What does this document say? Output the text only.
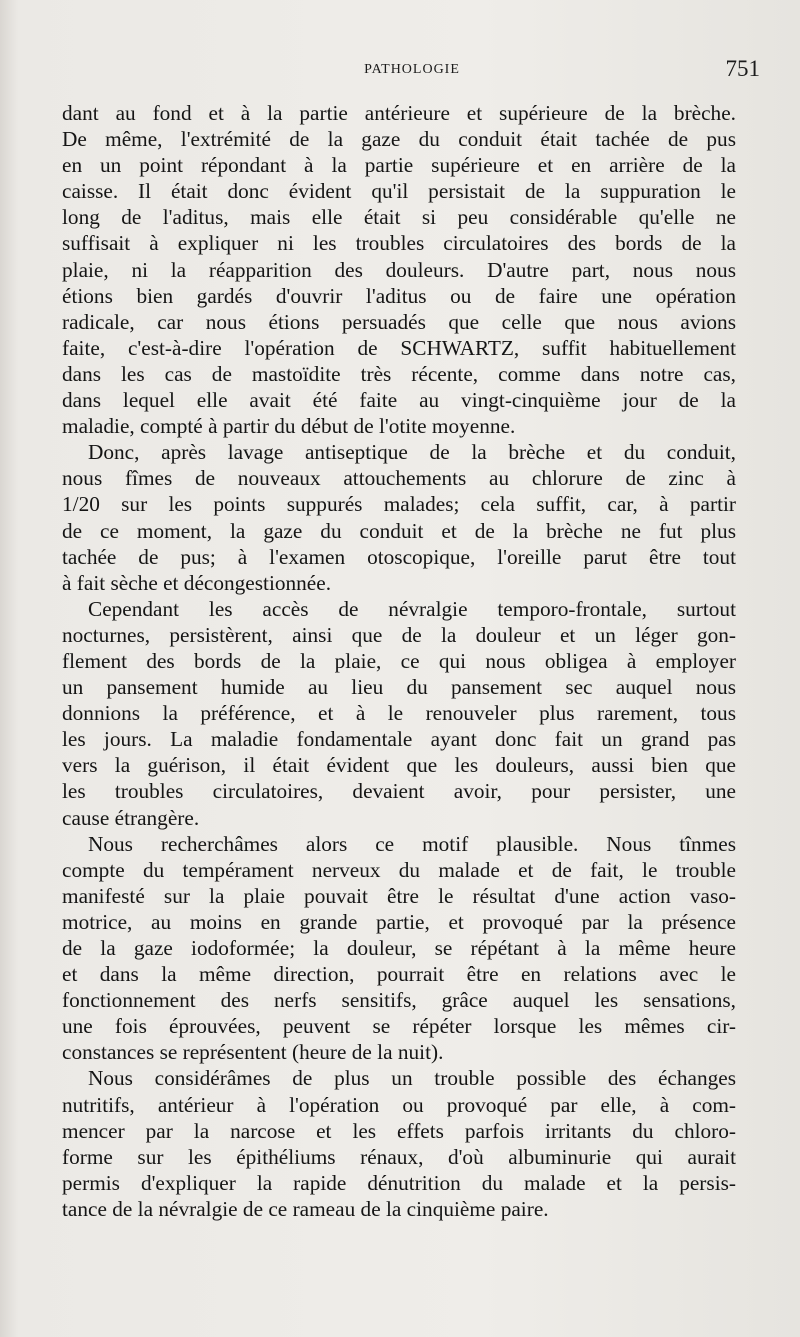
PATHOLOGIE	751

dant au fond et à la partie antérieure et supérieure de la brèche.
De même, l'extrémité de la gaze du conduit était tachée de pus
en un point répondant à la partie supérieure et en arrière de la
caisse. Il était donc évident qu'il persistait de la suppuration le
long de l'aditus, mais elle était si peu considérable qu'elle ne
suffisait à expliquer ni les troubles circulatoires des bords de la
plaie, ni la réapparition des douleurs. D'autre part, nous nous
étions bien gardés d'ouvrir l'aditus ou de faire une opération
radicale, car nous étions persuadés que celle que nous avions
faite, c'est-à-dire l'opération de SCHWARTZ, suffit habituellement
dans les cas de mastoïdite très récente, comme dans notre cas,
dans lequel elle avait été faite au vingt-cinquième jour de la
maladie, compté à partir du début de l'otite moyenne.

Donc, après lavage antiseptique de la brèche et du conduit,
nous fîmes de nouveaux attouchements au chlorure de zinc à
1/20 sur les points suppurés malades; cela suffit, car, à partir
de ce moment, la gaze du conduit et de la brèche ne fut plus
tachée de pus; à l'examen otoscopique, l'oreille parut être tout
à fait sèche et décongestionnée.

Cependant les accès de névralgie temporo-frontale, surtout
nocturnes, persistèrent, ainsi que de la douleur et un léger gon-
flement des bords de la plaie, ce qui nous obligea à employer
un pansement humide au lieu du pansement sec auquel nous
donnions la préférence, et à le renouveler plus rarement, tous
les jours. La maladie fondamentale ayant donc fait un grand pas
vers la guérison, il était évident que les douleurs, aussi bien que
les troubles circulatoires, devaient avoir, pour persister, une
cause étrangère.

Nous recherchâmes alors ce motif plausible. Nous tînmes
compte du tempérament nerveux du malade et de fait, le trouble
manifesté sur la plaie pouvait être le résultat d'une action vaso-
motrice, au moins en grande partie, et provoqué par la présence
de la gaze iodoformée; la douleur, se répétant à la même heure
et dans la même direction, pourrait être en relations avec le
fonctionnement des nerfs sensitifs, grâce auquel les sensations,
une fois éprouvées, peuvent se répéter lorsque les mêmes cir-
constances se représentent (heure de la nuit).

Nous considérâmes de plus un trouble possible des échanges
nutritifs, antérieur à l'opération ou provoqué par elle, à com-
mencer par la narcose et les effets parfois irritants du chloro-
forme sur les épithéliums rénaux, d'où albuminurie qui aurait
permis d'expliquer la rapide dénutrition du malade et la persis-
tance de la névralgie de ce rameau de la cinquième paire.
